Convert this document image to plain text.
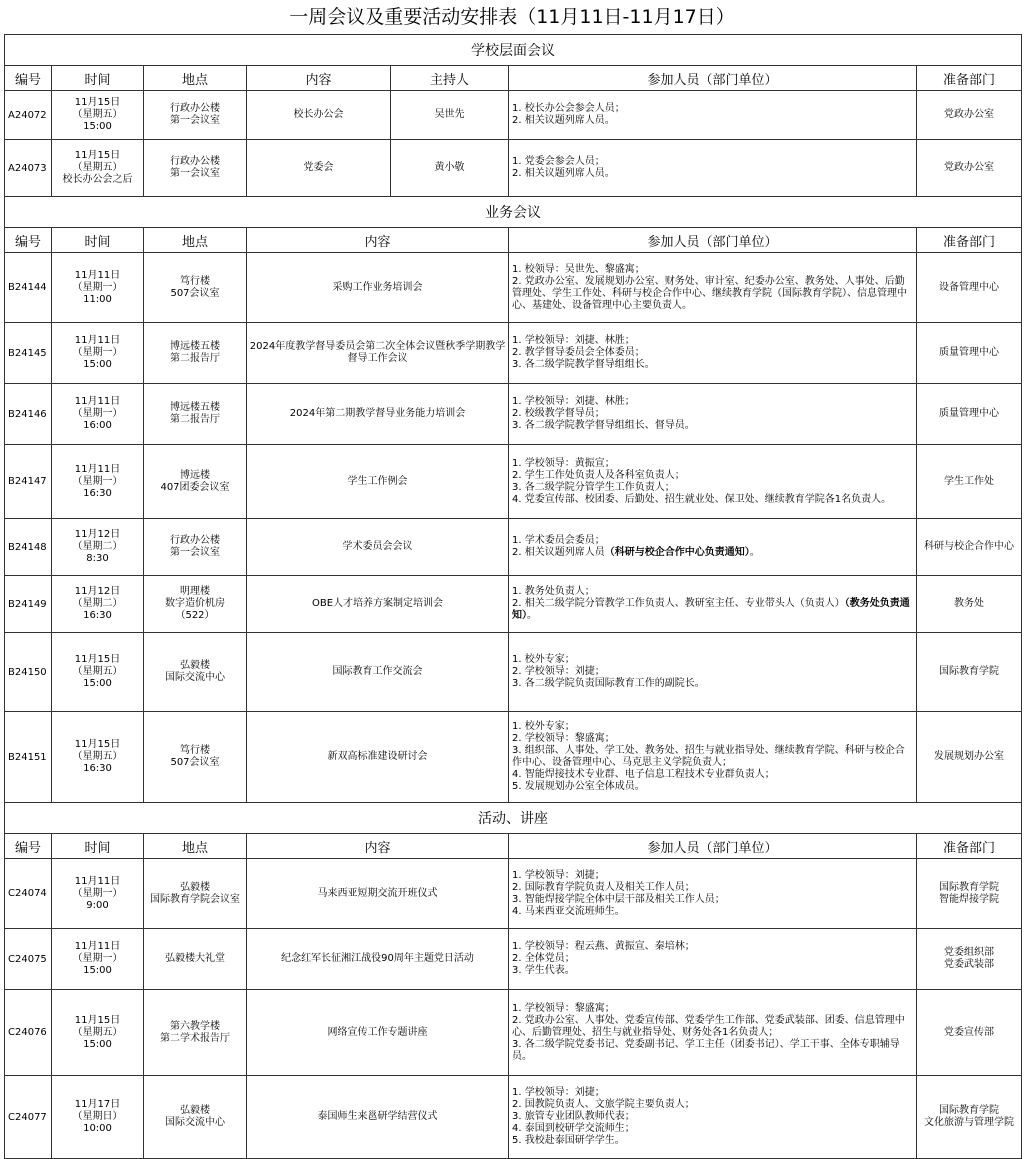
一周会议及重要活动安排表（11月11日-11月17日）
学校层面会议						
编号	时间	地点	内容	主持人	参加人员（部门单位）	准备部门
A24072	11月15日
（星期五）
15:00	行政办公楼
第一会议室	校长办公会	吴世先	1. 校长办公会参会人员；
2. 相关议题列席人员。	党政办公室

A24073	11月15日
（星期五）
校长办公会之后	行政办公楼
第一会议室	党委会	黄小敬	1. 党委会参会人员；
2. 相关议题列席人员。	党政办公室

业务会议						
编号	时间	地点	内容		参加人员（部门单位）	准备部门
B24144	11月11日
（星期一）
11:00	笃行楼
507会议室	采购工作业务培训会		1. 校领导：吴世先、黎盛寓；
2. 党政办公室、发展规划办公室、财务处、审计室、纪委办公室、教务处、人事处、后勤管理处、学生工作处、科研与校企合作中心、继续教育学院（国际教育学院）、信息管理中心、基建处、设备管理中心主要负责人。	设备管理中心

B24145	11月11日
（星期一）
15:00	博远楼五楼
第二报告厅	2024年度教学督导委员会第二次全体会议暨秋季学期教学督导工作会议		1. 学校领导：刘捷、林胜；
2. 教学督导委员会全体委员；
3. 各二级学院教学督导组组长。	质量管理中心

B24146	11月11日
（星期一）
16:00	博远楼五楼
第二报告厅	2024年第二期教学督导业务能力培训会		1. 学校领导：刘捷、林胜；
2. 校级教学督导员；
3. 各二级学院教学督导组组长、督导员。	质量管理中心

B24147	11月11日
（星期一）
16:30	博远楼
407团委会议室	学生工作例会		1. 学校领导：黄振宣；
2. 学生工作处负责人及各科室负责人；
3. 各二级学院分管学生工作负责人；
4. 党委宣传部、校团委、后勤处、招生就业处、保卫处、继续教育学院各1名负责人。	学生工作处

B24148	11月12日
（星期二）
8:30	行政办公楼
第一会议室	学术委员会会议		1. 学术委员会委员；
2. 相关议题列席人员（科研与校企合作中心负责通知）。	科研与校企合作中心

B24149	11月12日
（星期二）
16:30	明理楼
数字造价机房
（522）	OBE人才培养方案制定培训会		1. 教务处负责人；
2. 相关二级学院分管教学工作负责人、教研室主任、专业带头人（负责人）（教务处负责通知）。	教务处

B24150	11月15日
（星期五）
15:00	弘毅楼
国际交流中心	国际教育工作交流会		1. 校外专家；
2. 学校领导：刘捷；
3. 各二级学院负责国际教育工作的副院长。	国际教育学院

B24151	11月15日
（星期五）
16:30	笃行楼
507会议室	新双高标准建设研讨会		1. 校外专家；
2. 学校领导：黎盛寓；
3. 组织部、人事处、学工处、教务处、招生与就业指导处、继续教育学院、科研与校企合作中心、设备管理中心、马克思主义学院负责人；
4. 智能焊接技术专业群、电子信息工程技术专业群负责人；
5. 发展规划办公室全体成员。	发展规划办公室

活动、讲座						
编号	时间	地点	内容		参加人员（部门单位）	准备部门
C24074	11月11日
（星期一）
9:00	弘毅楼
国际教育学院会议室	马来西亚短期交流开班仪式		1. 学校领导：刘捷；
2. 国际教育学院负责人及相关工作人员；
3. 智能焊接学院全体中层干部及相关工作人员；
4. 马来西亚交流班师生。	国际教育学院
智能焊接学院

C24075	11月11日
（星期一）
15:00	弘毅楼大礼堂	纪念红军长征湘江战役90周年主题党日活动		1. 学校领导：程云燕、黄振宣、秦培林；
2. 全体党员；
3. 学生代表。	党委组织部
党委武装部

C24076	11月15日
（星期五）
15:00	第六教学楼
第二学术报告厅	网络宣传工作专题讲座		1. 学校领导：黎盛寓；
2. 党政办公室、人事处、党委宣传部、党委学生工作部、党委武装部、团委、信息管理中心、后勤管理处、招生与就业指导处、财务处各1名负责人；
3. 各二级学院党委书记、党委副书记、学工主任（团委书记）、学工干事、全体专职辅导员。	党委宣传部

C24077	11月17日
（星期日）
10:00	弘毅楼
国际交流中心	泰国师生来邕研学结营仪式		1. 学校领导：刘捷；
2. 国教院负责人、文旅学院主要负责人；
3. 旅管专业团队教师代表；
4. 泰国到校研学交流师生；
5. 我校赴泰国研学学生。	国际教育学院
文化旅游与管理学院
